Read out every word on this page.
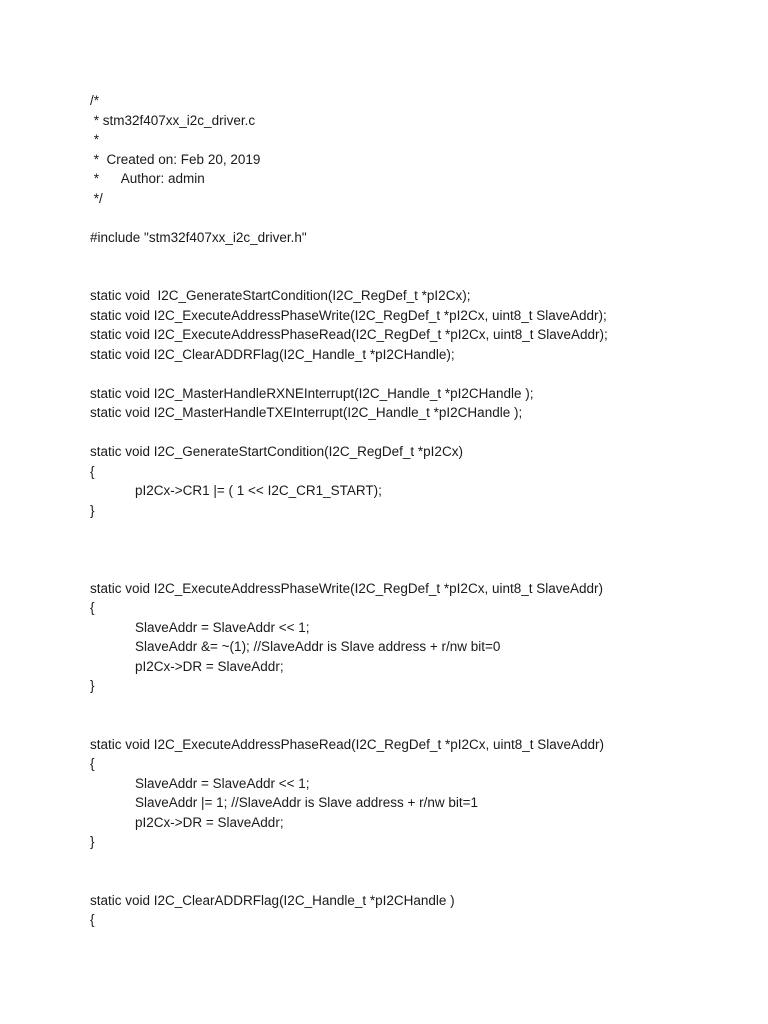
/*

* stm32f407xx_i2c_driver.c

*

*  Created on: Feb 20, 2019

*      Author: admin

*/

#include "stm32f407xx_i2c_driver.h"

static void  I2C_GenerateStartCondition(I2C_RegDef_t *pI2Cx);

static void I2C_ExecuteAddressPhaseWrite(I2C_RegDef_t *pI2Cx, uint8_t SlaveAddr);

static void I2C_ExecuteAddressPhaseRead(I2C_RegDef_t *pI2Cx, uint8_t SlaveAddr);

static void I2C_ClearADDRFlag(I2C_Handle_t *pI2CHandle);

static void I2C_MasterHandleRXNEInterrupt(I2C_Handle_t *pI2CHandle );

static void I2C_MasterHandleTXEInterrupt(I2C_Handle_t *pI2CHandle );

static void I2C_GenerateStartCondition(I2C_RegDef_t *pI2Cx)

{

pI2Cx->CR1 |= ( 1 << I2C_CR1_START);

}

static void I2C_ExecuteAddressPhaseWrite(I2C_RegDef_t *pI2Cx, uint8_t SlaveAddr)

{

SlaveAddr = SlaveAddr << 1;

SlaveAddr &= ~(1); //SlaveAddr is Slave address + r/nw bit=0

pI2Cx->DR = SlaveAddr;

}

static void I2C_ExecuteAddressPhaseRead(I2C_RegDef_t *pI2Cx, uint8_t SlaveAddr)

{

SlaveAddr = SlaveAddr << 1;

SlaveAddr |= 1; //SlaveAddr is Slave address + r/nw bit=1

pI2Cx->DR = SlaveAddr;

}

static void I2C_ClearADDRFlag(I2C_Handle_t *pI2CHandle )

{
